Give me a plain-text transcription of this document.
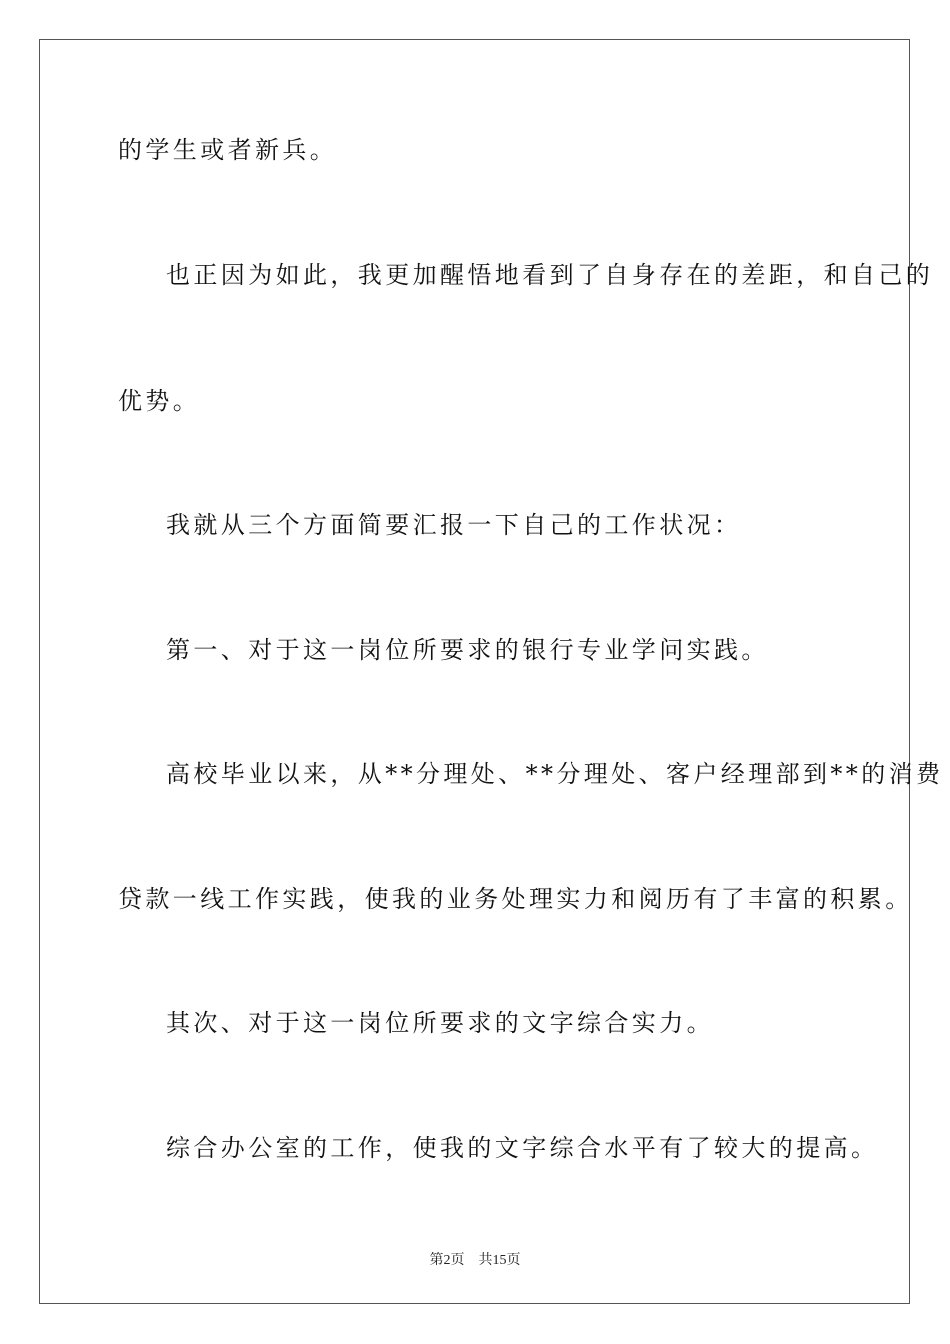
的学生或者新兵。
也正因为如此，我更加醒悟地看到了自身存在的差距，和自己的
优势。
我就从三个方面简要汇报一下自己的工作状况：
第一、对于这一岗位所要求的银行专业学问实践。
高校毕业以来，从**分理处、**分理处、客户经理部到**的消费
贷款一线工作实践，使我的业务处理实力和阅历有了丰富的积累。
其次、对于这一岗位所要求的文字综合实力。
综合办公室的工作，使我的文字综合水平有了较大的提高。
第2页 共15页
